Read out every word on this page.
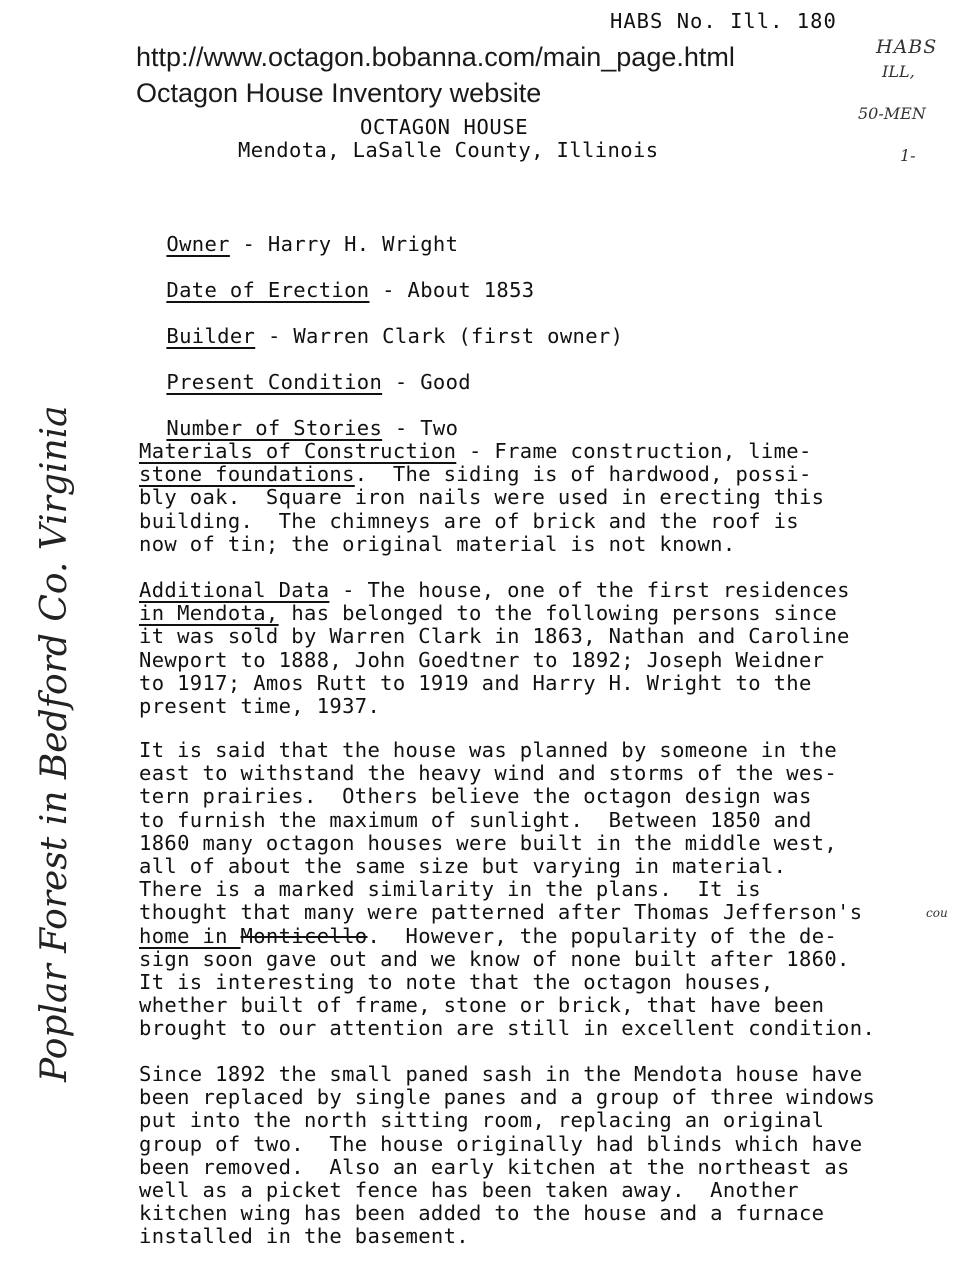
HABS No. Ill. 180
http://www.octagon.bobanna.com/main_page.html
Octagon House Inventory website
OCTAGON HOUSE
Mendota, LaSalle County, Illinois
HABS
ILL,
50-MEN
1-

Owner - Harry H. Wright

Date of Erection - About 1853

Builder - Warren Clark (first owner)

Present Condition - Good

Number of Stories - Two

Materials of Construction - Frame construction, lime-
stone foundations.  The siding is of hardwood, possi-
bly oak.  Square iron nails were used in erecting this
building.  The chimneys are of brick and the roof is
now of tin; the original material is not known.
Additional Data - The house, one of the first residences
in Mendota, has belonged to the following persons since
it was sold by Warren Clark in 1863, Nathan and Caroline
Newport to 1888, John Goedtner to 1892; Joseph Weidner
to 1917; Amos Rutt to 1919 and Harry H. Wright to the
present time, 1937.
It is said that the house was planned by someone in the
east to withstand the heavy wind and storms of the wes-
tern prairies.  Others believe the octagon design was
to furnish the maximum of sunlight.  Between 1850 and
1860 many octagon houses were built in the middle west,
all of about the same size but varying in material.
There is a marked similarity in the plans.  It is
thought that many were patterned after Thomas Jefferson's
home in Monticello.  However, the popularity of the de-
sign soon gave out and we know of none built after 1860.
It is interesting to note that the octagon houses,
whether built of frame, stone or brick, that have been
brought to our attention are still in excellent condition.
cou
Since 1892 the small paned sash in the Mendota house have
been replaced by single panes and a group of three windows
put into the north sitting room, replacing an original
group of two.  The house originally had blinds which have
been removed.  Also an early kitchen at the northeast as
well as a picket fence has been taken away.  Another
kitchen wing has been added to the house and a furnace
installed in the basement.
Poplar Forest in Bedford Co. Virginia
